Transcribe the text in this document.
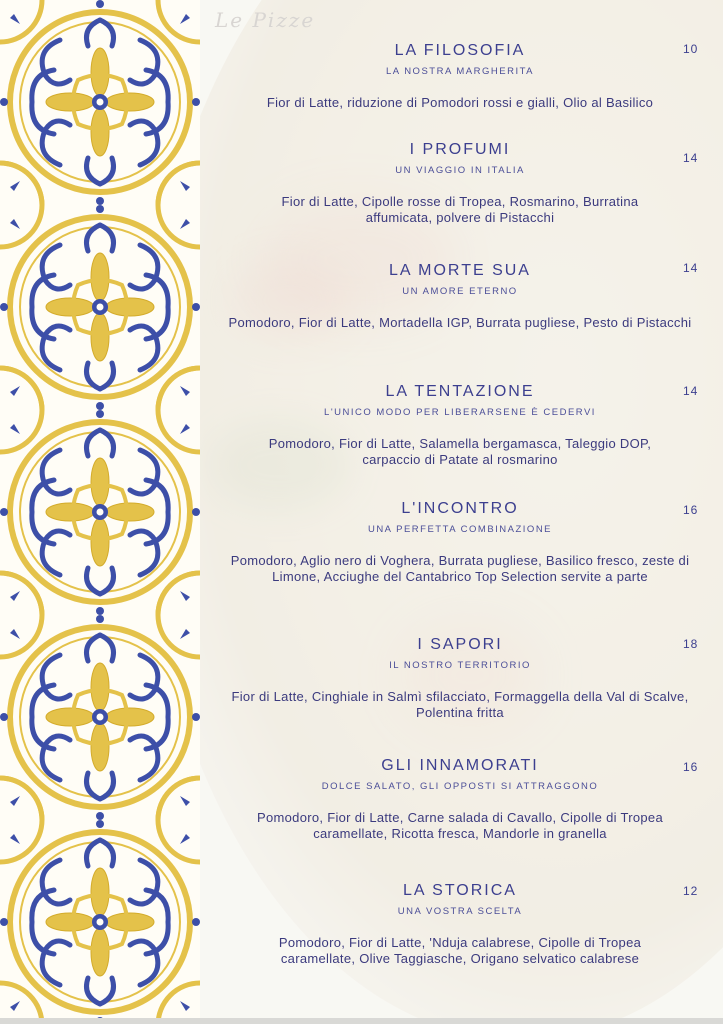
Le Pizze
LA FILOSOFIA
LA NOSTRA MARGHERITA
Fior di Latte, riduzione di Pomodori rossi e gialli, Olio al Basilico
10
I PROFUMI
UN VIAGGIO IN ITALIA
Fior di Latte, Cipolle rosse di Tropea, Rosmarino, Burratina affumicata, polvere di Pistacchi
14
LA MORTE SUA
UN AMORE ETERNO
Pomodoro, Fior di Latte, Mortadella IGP, Burrata pugliese, Pesto di Pistacchi
14
LA TENTAZIONE
L'UNICO MODO PER LIBERARSENE È CEDERVI
Pomodoro, Fior di Latte, Salamella bergamasca, Taleggio DOP, carpaccio di Patate al rosmarino
14
L'INCONTRO
UNA PERFETTA COMBINAZIONE
Pomodoro, Aglio nero di Voghera, Burrata pugliese, Basilico fresco, zeste di Limone, Acciughe del Cantabrico Top Selection servite a parte
16
I SAPORI
IL NOSTRO TERRITORIO
Fior di Latte, Cinghiale in Salmì sfilacciato, Formaggella della Val di Scalve, Polentina fritta
18
GLI INNAMORATI
DOLCE SALATO, GLI OPPOSTI SI ATTRAGGONO
Pomodoro, Fior di Latte, Carne salada di Cavallo, Cipolle di Tropea caramellate, Ricotta fresca, Mandorle in granella
16
LA STORICA
UNA VOSTRA SCELTA
Pomodoro, Fior di Latte, 'Nduja calabrese, Cipolle di Tropea caramellate, Olive Taggiasche, Origano selvatico calabrese
12
